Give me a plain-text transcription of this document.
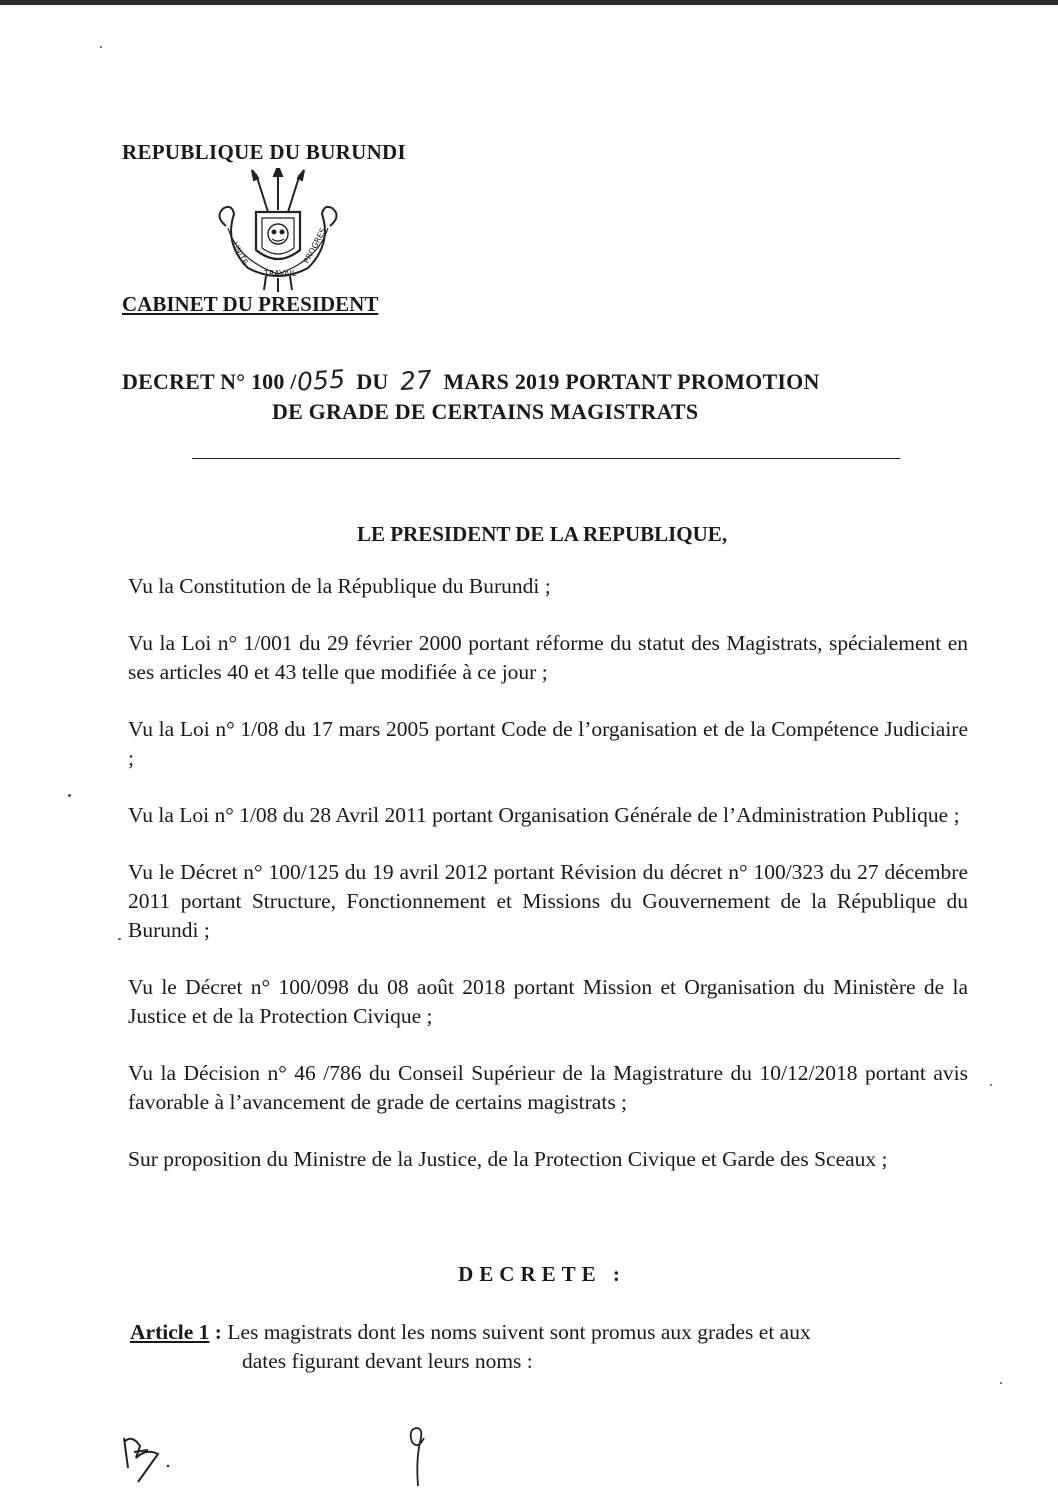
REPUBLIQUE DU BURUNDI
UNITE
TRAVAIL
PROGRES
CABINET DU PRESIDENT
DECRET N° 100 /055 DU 27 MARS 2019 PORTANT PROMOTION
DE GRADE DE CERTAINS MAGISTRATS
LE PRESIDENT DE LA REPUBLIQUE,

Vu la Constitution de la République du Burundi ;

Vu la Loi n° 1/001 du 29 février 2000 portant réforme du statut des Magistrats, spécialement en ses articles 40 et 43 telle que modifiée à ce jour ;

Vu la Loi n° 1/08 du 17 mars 2005 portant Code de l’organisation et de la Compétence Judiciaire ;

Vu la Loi n° 1/08 du 28 Avril 2011 portant Organisation Générale de l’Administration Publique ;

Vu le Décret n° 100/125 du 19 avril 2012 portant Révision du décret n° 100/323 du 27 décembre 2011 portant Structure, Fonctionnement et Missions du Gouvernement de la République du Burundi ;

Vu le Décret n° 100/098 du 08 août 2018 portant Mission et Organisation du Ministère de la Justice et de la Protection Civique ;

Vu la Décision n° 46 /786 du Conseil Supérieur de la Magistrature du 10/12/2018 portant avis favorable à l’avancement de grade de certains magistrats ;

Sur proposition du Ministre de la Justice, de la Protection Civique et Garde des Sceaux ;

DECRETE :
Article 1 : Les magistrats dont les noms suivent sont promus aux grades et aux
dates figurant devant leurs noms :
